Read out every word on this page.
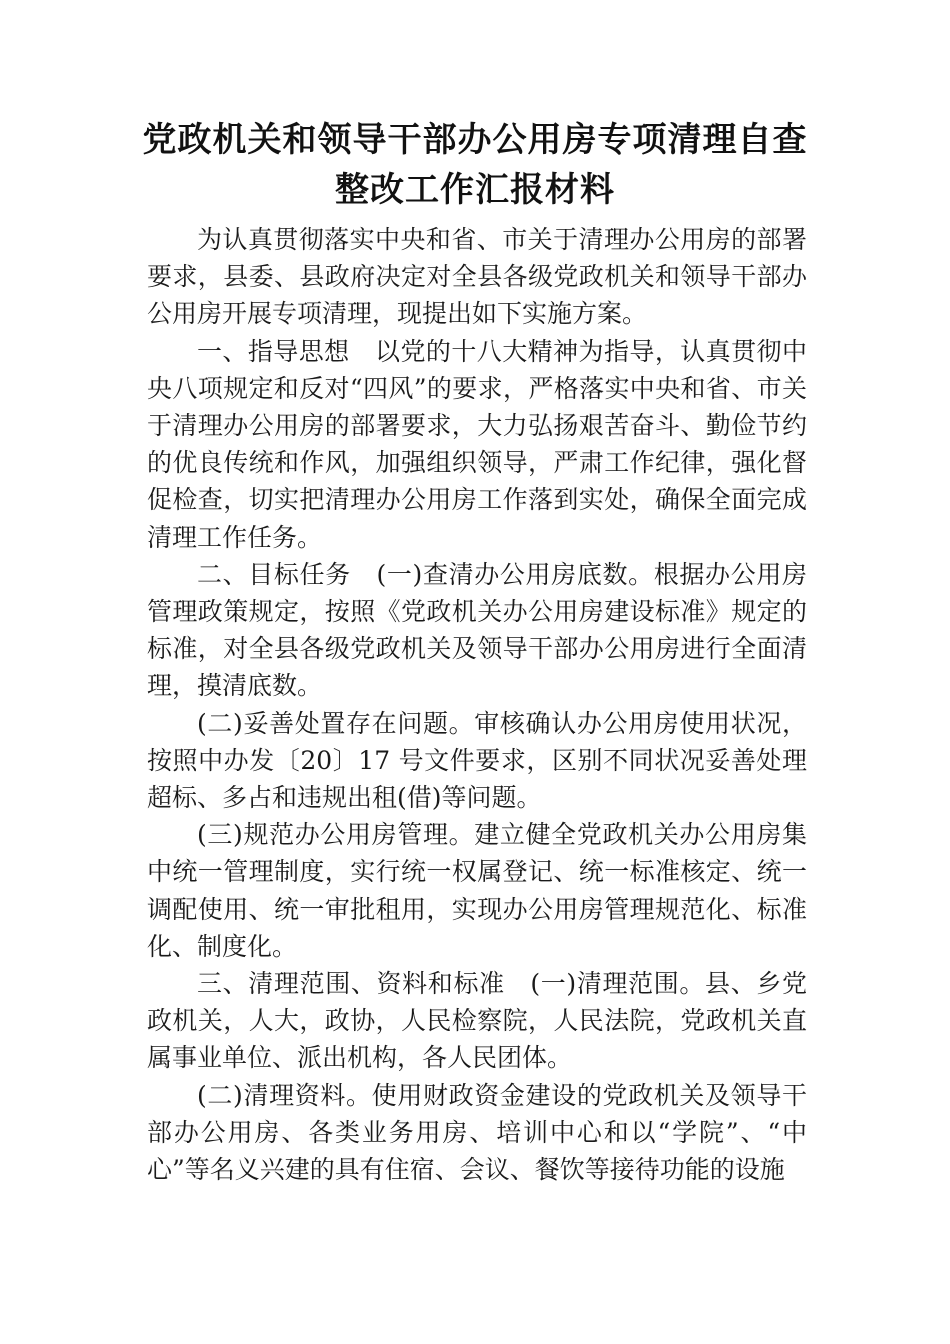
党政机关和领导干部办公用房专项清理自查
整改工作汇报材料

为认真贯彻落实中央和省、市关于清理办公用房的部署要求，县委、县政府决定对全县各级党政机关和领导干部办公用房开展专项清理，现提出如下实施方案。

一、指导思想　以党的十八大精神为指导，认真贯彻中央八项规定和反对“四风”的要求，严格落实中央和省、市关于清理办公用房的部署要求，大力弘扬艰苦奋斗、勤俭节约的优良传统和作风，加强组织领导，严肃工作纪律，强化督促检查，切实把清理办公用房工作落到实处，确保全面完成清理工作任务。

二、目标任务　(一)查清办公用房底数。根据办公用房管理政策规定，按照《党政机关办公用房建设标准》规定的标准，对全县各级党政机关及领导干部办公用房进行全面清理，摸清底数。

(二)妥善处置存在问题。审核确认办公用房使用状况，按照中办发〔20〕17 号文件要求，区别不同状况妥善处理超标、多占和违规出租(借)等问题。

(三)规范办公用房管理。建立健全党政机关办公用房集中统一管理制度，实行统一权属登记、统一标准核定、统一调配使用、统一审批租用，实现办公用房管理规范化、标准化、制度化。

三、清理范围、资料和标准　(一)清理范围。县、乡党政机关，人大，政协，人民检察院，人民法院，党政机关直属事业单位、派出机构，各人民团体。

(二)清理资料。使用财政资金建设的党政机关及领导干部办公用房、各类业务用房、培训中心和以“学院”、“中心”等名义兴建的具有住宿、会议、餐饮等接待功能的设施
